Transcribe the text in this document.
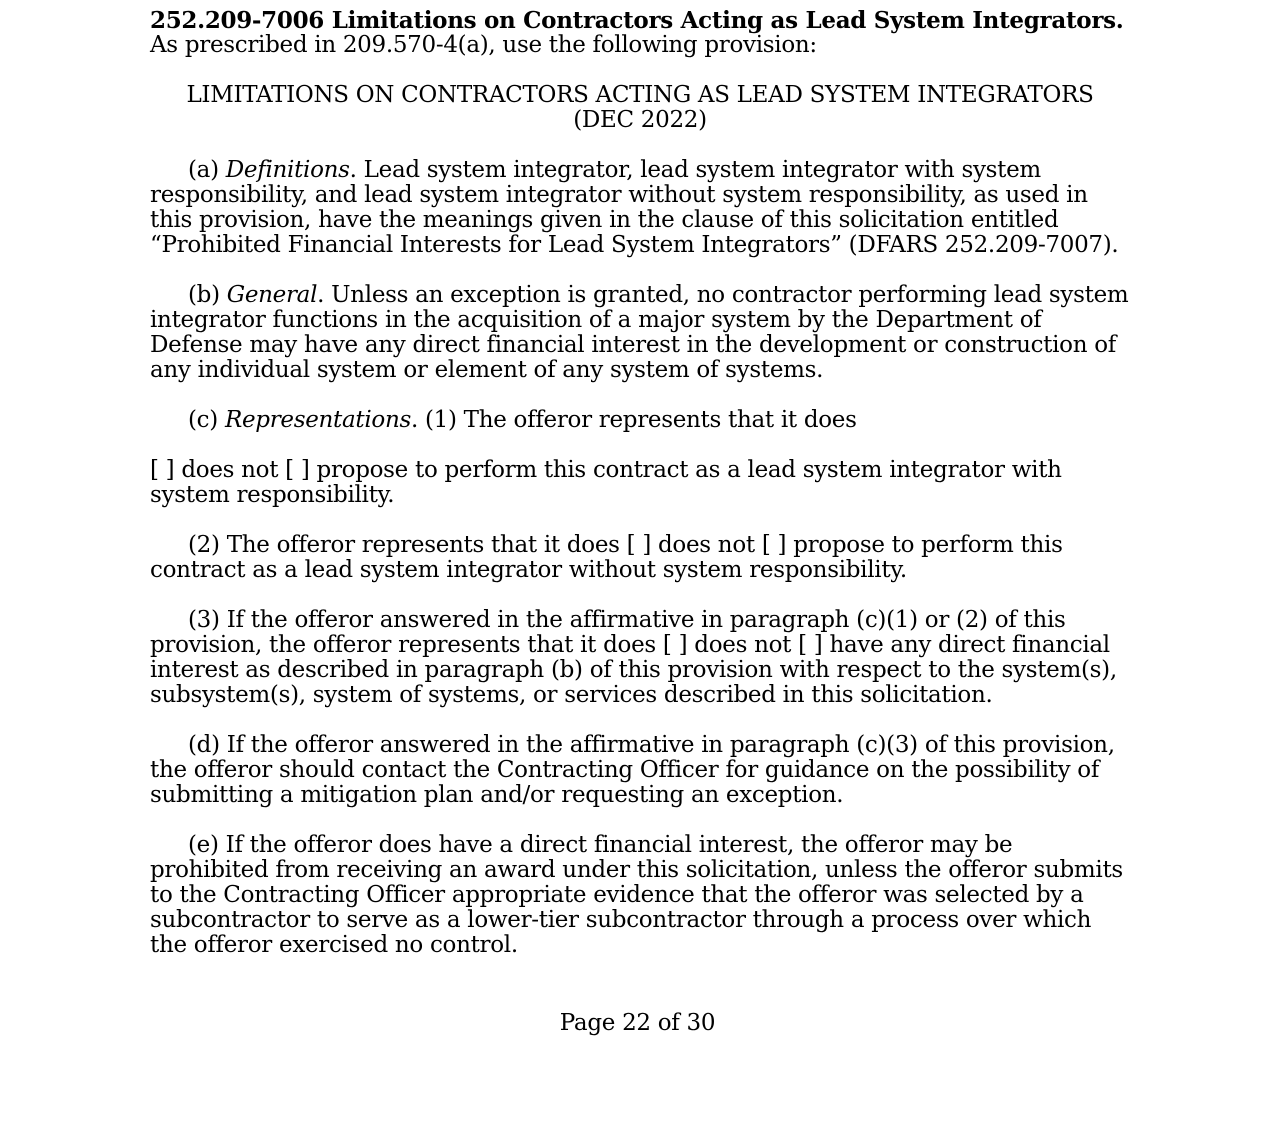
252.209-7006 Limitations on Contractors Acting as Lead System Integrators.

As prescribed in 209.570-4(a), use the following provision:

LIMITATIONS ON CONTRACTORS ACTING AS LEAD SYSTEM INTEGRATORS
(DEC 2022)

(a) Definitions. Lead system integrator, lead system integrator with system responsibility, and lead system integrator without system responsibility, as used in this provision, have the meanings given in the clause of this solicitation entitled “Prohibited Financial Interests for Lead System Integrators” (DFARS 252.209-7007).

(b) General. Unless an exception is granted, no contractor performing lead system integrator functions in the acquisition of a major system by the Department of Defense may have any direct financial interest in the development or construction of any individual system or element of any system of systems.

(c) Representations. (1) The offeror represents that it does

[ ] does not [ ] propose to perform this contract as a lead system integrator with system responsibility.

(2) The offeror represents that it does [ ] does not [ ] propose to perform this contract as a lead system integrator without system responsibility.

(3) If the offeror answered in the affirmative in paragraph (c)(1) or (2) of this provision, the offeror represents that it does [ ] does not [ ] have any direct financial interest as described in paragraph (b) of this provision with respect to the system(s), subsystem(s), system of systems, or services described in this solicitation.

(d) If the offeror answered in the affirmative in paragraph (c)(3) of this provision, the offeror should contact the Contracting Officer for guidance on the possibility of submitting a mitigation plan and/or requesting an exception.

(e) If the offeror does have a direct financial interest, the offeror may be prohibited from receiving an award under this solicitation, unless the offeror submits to the Contracting Officer appropriate evidence that the offeror was selected by a subcontractor to serve as a lower-tier subcontractor through a process over which the offeror exercised no control.

Page 22 of 30
